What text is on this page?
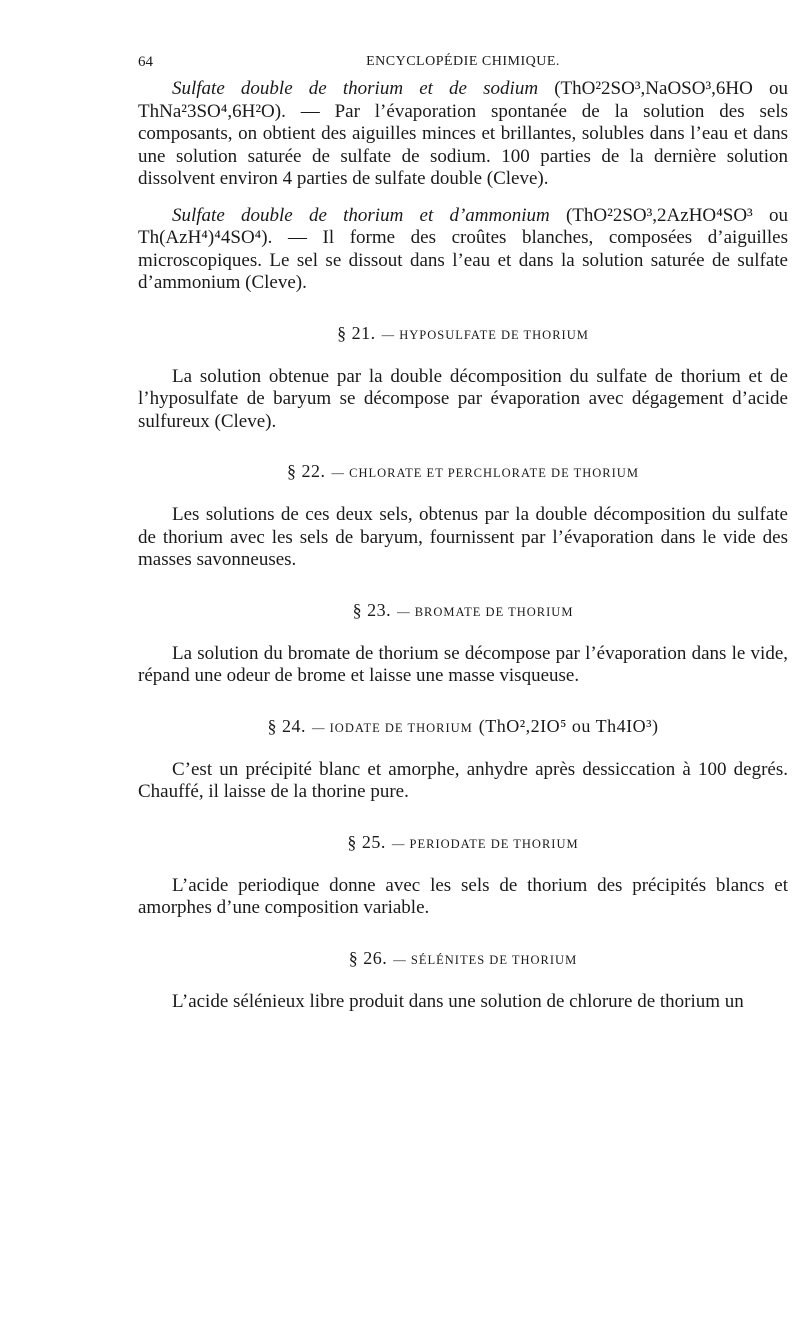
64	ENCYCLOPÉDIE CHIMIQUE.

Sulfate double de thorium et de sodium (ThO²2SO³,NaOSO³,6HO ou ThNa²3SO⁴,6H²O). — Par l’évaporation spontanée de la solution des sels composants, on obtient des aiguilles minces et brillantes, solubles dans l’eau et dans une solution saturée de sulfate de sodium. 100 parties de la dernière solution dissolvent environ 4 parties de sulfate double (Cleve).

Sulfate double de thorium et d’ammonium (ThO²2SO³,2AzHO⁴SO³ ou Th(AzH⁴)⁴4SO⁴). — Il forme des croûtes blanches, composées d’aiguilles microscopiques. Le sel se dissout dans l’eau et dans la solution saturée de sulfate d’ammonium (Cleve).

§ 21. — HYPOSULFATE DE THORIUM

La solution obtenue par la double décomposition du sulfate de thorium et de l’hyposulfate de baryum se décompose par évaporation avec dégagement d’acide sulfureux (Cleve).

§ 22. — CHLORATE ET PERCHLORATE DE THORIUM

Les solutions de ces deux sels, obtenus par la double décomposition du sulfate de thorium avec les sels de baryum, fournissent par l’évaporation dans le vide des masses savonneuses.

§ 23. — BROMATE DE THORIUM

La solution du bromate de thorium se décompose par l’évaporation dans le vide, répand une odeur de brome et laisse une masse visqueuse.

§ 24. — IODATE DE THORIUM (ThO²,2IO⁵ ou Th4IO³)

C’est un précipité blanc et amorphe, anhydre après dessiccation à 100 degrés. Chauffé, il laisse de la thorine pure.

§ 25. — PERIODATE DE THORIUM

L’acide periodique donne avec les sels de thorium des précipités blancs et amorphes d’une composition variable.

§ 26. — SÉLÉNITES DE THORIUM

L’acide sélénieux libre produit dans une solution de chlorure de thorium un
